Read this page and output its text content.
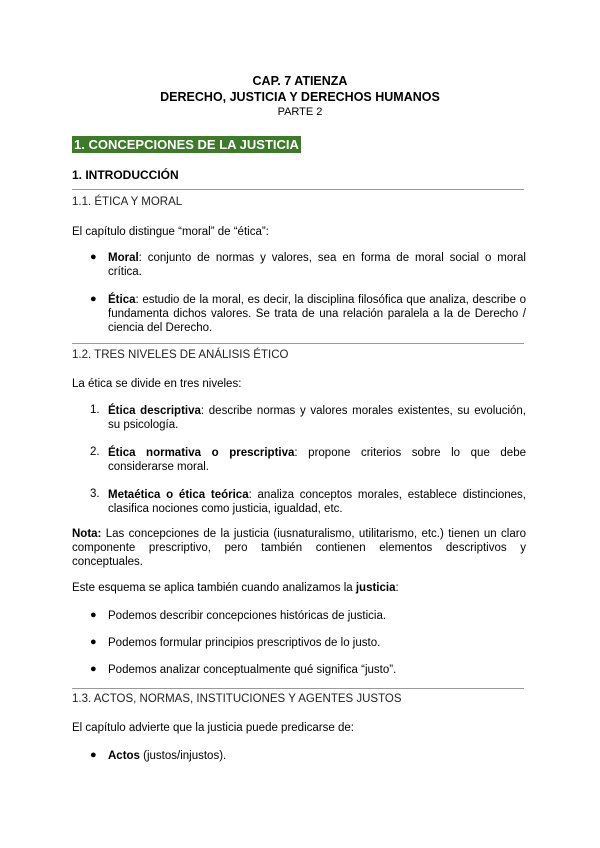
CAP. 7 ATIENZA
DERECHO, JUSTICIA Y DERECHOS HUMANOS
PARTE 2
1. CONCEPCIONES DE LA JUSTICIA
1. INTRODUCCIÓN
1.1. ÉTICA Y MORAL
El capítulo distingue “moral” de “ética”:
● Moral: conjunto de normas y valores, sea en forma de moral social o moral crítica.
● Ética: estudio de la moral, es decir, la disciplina filosófica que analiza, describe o fundamenta dichos valores. Se trata de una relación paralela a la de Derecho / ciencia del Derecho.
1.2. TRES NIVELES DE ANÁLISIS ÉTICO
La ética se divide en tres niveles:
1. Ética descriptiva: describe normas y valores morales existentes, su evolución, su psicología.
2. Ética normativa o prescriptiva: propone criterios sobre lo que debe considerarse moral.
3. Metaética o ética teórica: analiza conceptos morales, establece distinciones, clasifica nociones como justicia, igualdad, etc.
Nota: Las concepciones de la justicia (iusnaturalismo, utilitarismo, etc.) tienen un claro componente prescriptivo, pero también contienen elementos descriptivos y conceptuales.
Este esquema se aplica también cuando analizamos la justicia:
● Podemos describir concepciones históricas de justicia.
● Podemos formular principios prescriptivos de lo justo.
● Podemos analizar conceptualmente qué significa “justo”.
1.3. ACTOS, NORMAS, INSTITUCIONES Y AGENTES JUSTOS
El capítulo advierte que la justicia puede predicarse de:
● Actos (justos/injustos).
